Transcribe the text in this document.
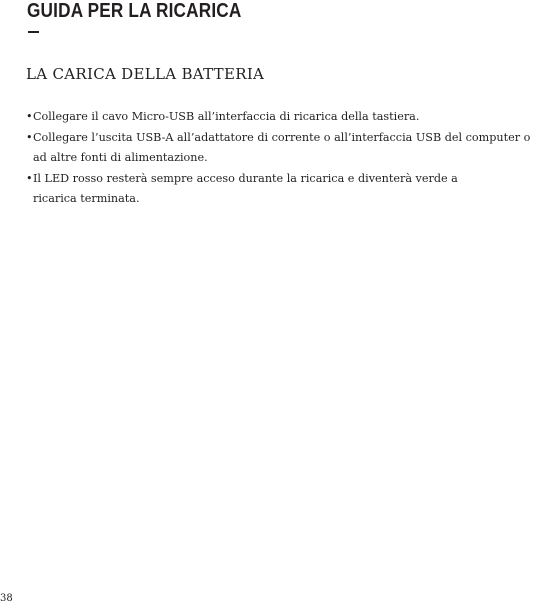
GUIDA PER LA RICARICA
LA CARICA DELLA BATTERIA
• Collegare il cavo Micro-USB all’interfaccia di ricarica della tastiera.
• Collegare l’uscita USB-A all’adattatore di corrente o all’interfaccia USB del computer o
ad altre fonti di alimentazione.
• Il LED rosso resterà sempre acceso durante la ricarica e diventerà verde a
ricarica terminata.
38
